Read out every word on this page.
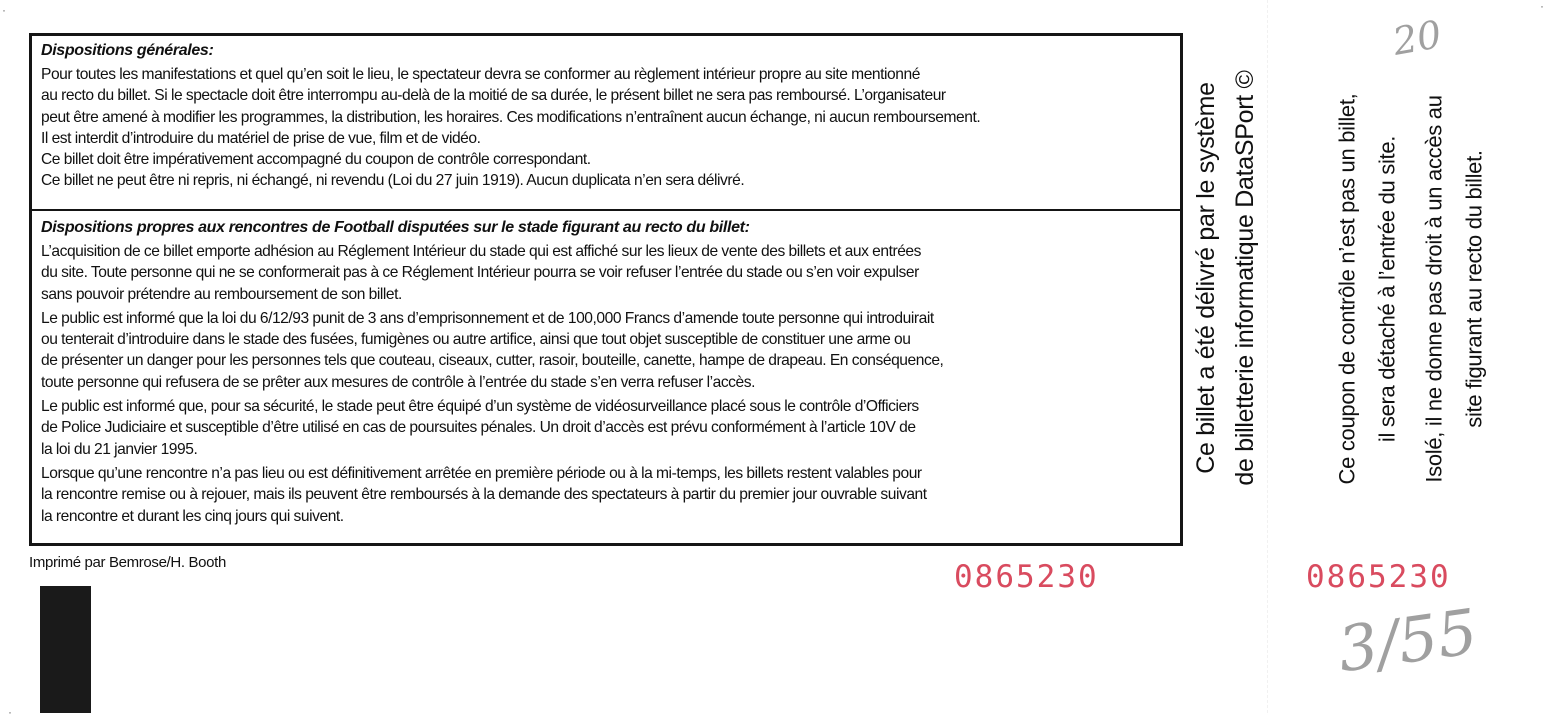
Dispositions générales:

Pour toutes les manifestations et quel qu’en soit le lieu, le spectateur devra se conformer au règlement intérieur propre au site mentionné
au recto du billet. Si le spectacle doit être interrompu au-delà de la moitié de sa durée, le présent billet ne sera pas remboursé. L’organisateur
peut être amené à modifier les programmes, la distribution, les horaires. Ces modifications n’entraînent aucun échange, ni aucun remboursement.
Il est interdit d’introduire du matériel de prise de vue, film et de vidéo.

Ce billet doit être impérativement accompagné du coupon de contrôle correspondant.

Ce billet ne peut être ni repris, ni échangé, ni revendu (Loi du 27 juin 1919). Aucun duplicata n’en sera délivré.

Dispositions propres aux rencontres de Football disputées sur le stade figurant au recto du billet:

L’acquisition de ce billet emporte adhésion au Réglement Intérieur du stade qui est affiché sur les lieux de vente des billets et aux entrées
du site. Toute personne qui ne se conformerait pas à ce Réglement Intérieur pourra se voir refuser l’entrée du stade ou s’en voir expulser
sans pouvoir prétendre au remboursement de son billet.

Le public est informé que la loi du 6/12/93 punit de 3 ans d’emprisonnement et de 100,000 Francs d’amende toute personne qui introduirait
ou tenterait d’introduire dans le stade des fusées, fumigènes ou autre artifice, ainsi que tout objet susceptible de constituer une arme ou
de présenter un danger pour les personnes tels que couteau, ciseaux, cutter, rasoir, bouteille, canette, hampe de drapeau. En conséquence,
toute personne qui refusera de se prêter aux mesures de contrôle à l’entrée du stade s’en verra refuser l’accès.

Le public est informé que, pour sa sécurité, le stade peut être équipé d’un système de vidéosurveillance placé sous le contrôle d’Officiers
de Police Judiciaire et susceptible d’être utilisé en cas de poursuites pénales. Un droit d’accès est prévu conformément à l’article 10V de
la loi du 21 janvier 1995.

Lorsque qu’une rencontre n’a pas lieu ou est définitivement arrêtée en première période ou à la mi-temps, les billets restent valables pour
la rencontre remise ou à rejouer, mais ils peuvent être remboursés à la demande des spectateurs à partir du premier jour ouvrable suivant
la rencontre et durant les cinq jours qui suivent.

Imprimé par Bemrose/H. Booth	0865230	0865230
Ce billet a été délivré par le système de billetterie informatique DataSPort ©	Ce coupon de contrôle n’est pas un billet, il sera détaché à l’entrée du site.	Isolé, il ne donne pas droit à un accès au site figurant au recto du billet.
20
3/55
·	·
·
